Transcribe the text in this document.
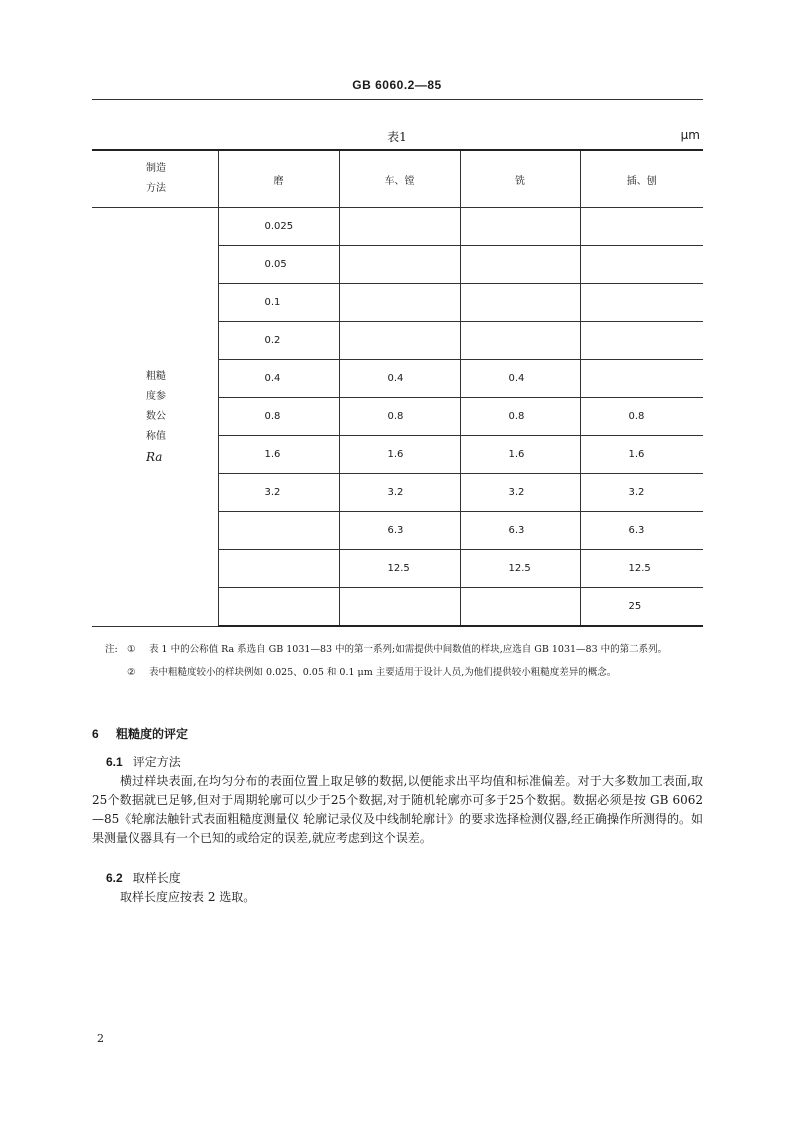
GB 6060.2—85
表1	μm
制造
方法	磨	车、镗	铣	插、刨

粗糙
度参
数公
称值
Ra	0.025			
	0.05			
	0.1			
	0.2			
	0.4	0.4	0.4	
	0.8	0.8	0.8	0.8
	1.6	1.6	1.6	1.6
	3.2	3.2	3.2	3.2
		6.3	6.3	6.3
		12.5	12.5	12.5
				25
注: ① 表 1 中的公称值 Ra 系选自 GB 1031—83 中的第一系列;如需提供中间数值的样块,应选自 GB 1031—83 中的第二系列。
② 表中粗糙度较小的样块例如 0.025、0.05 和 0.1 μm 主要适用于设计人员,为他们提供较小粗糙度差异的概念。
6 粗糙度的评定
6.1 评定方法
横过样块表面,在均匀分布的表面位置上取足够的数据,以便能求出平均值和标准偏差。对于大多数加工表面,取25个数据就已足够,但对于周期轮廓可以少于25个数据,对于随机轮廓亦可多于25个数据。数据必须是按 GB 6062—85《轮廓法触针式表面粗糙度测量仪 轮廓记录仪及中线制轮廓计》的要求选择检测仪器,经正确操作所测得的。如果测量仪器具有一个已知的或给定的误差,就应考虑到这个误差。
6.2 取样长度
取样长度应按表 2 选取。
2
